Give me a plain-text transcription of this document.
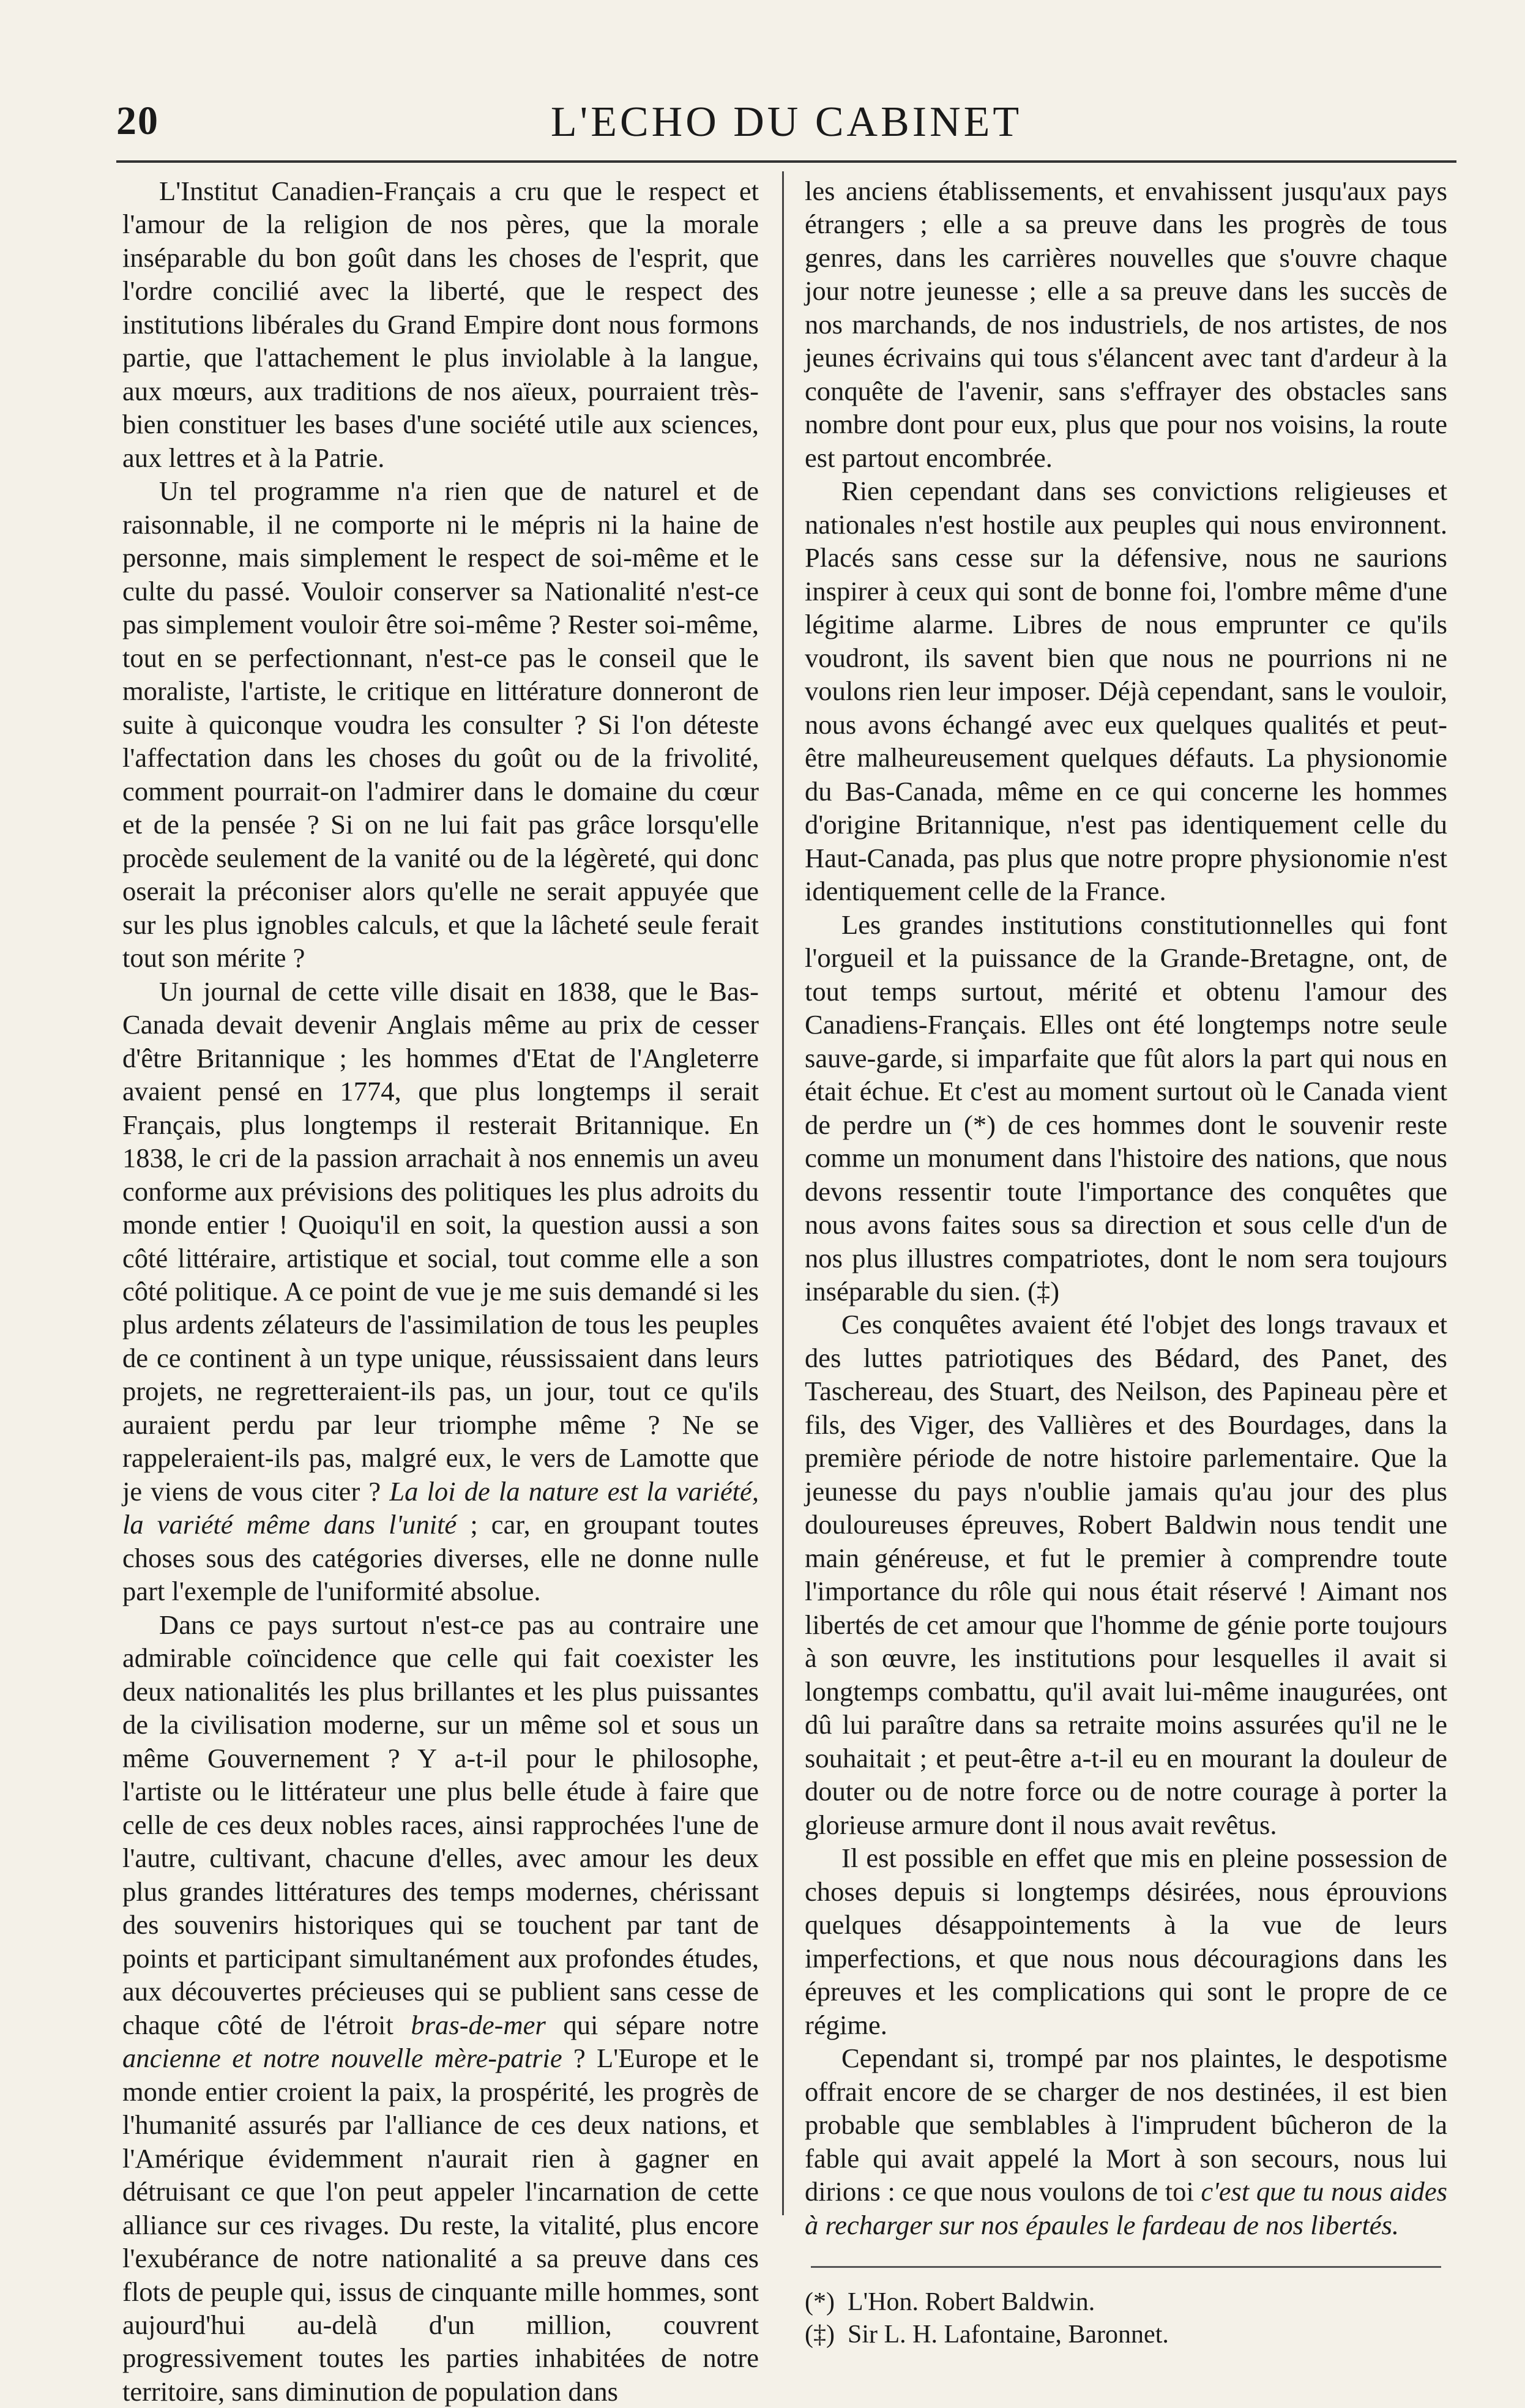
20	L'ECHO DU CABINET

L'Institut Canadien-Français a cru que le respect et l'amour de la religion de nos pères, que la morale inséparable du bon goût dans les choses de l'esprit, que l'ordre concilié avec la liberté, que le respect des institutions libérales du Grand Empire dont nous formons partie, que l'attachement le plus inviolable à la langue, aux mœurs, aux traditions de nos aïeux, pourraient très-bien constituer les bases d'une société utile aux sciences, aux lettres et à la Patrie.

Un tel programme n'a rien que de naturel et de raisonnable, il ne comporte ni le mépris ni la haine de personne, mais simplement le respect de soi-même et le culte du passé. Vouloir conserver sa Nationalité n'est-ce pas simplement vouloir être soi-même ? Rester soi-même, tout en se perfectionnant, n'est-ce pas le conseil que le moraliste, l'artiste, le critique en littérature donneront de suite à quiconque voudra les consulter ? Si l'on déteste l'affectation dans les choses du goût ou de la frivolité, comment pourrait-on l'admirer dans le domaine du cœur et de la pensée ? Si on ne lui fait pas grâce lorsqu'elle procède seulement de la vanité ou de la légèreté, qui donc oserait la préconiser alors qu'elle ne serait appuyée que sur les plus ignobles calculs, et que la lâcheté seule ferait tout son mérite ?

Un journal de cette ville disait en 1838, que le Bas-Canada devait devenir Anglais même au prix de cesser d'être Britannique ; les hommes d'Etat de l'Angleterre avaient pensé en 1774, que plus longtemps il serait Français, plus longtemps il resterait Britannique. En 1838, le cri de la passion arrachait à nos ennemis un aveu conforme aux prévisions des politiques les plus adroits du monde entier ! Quoiqu'il en soit, la question aussi a son côté littéraire, artistique et social, tout comme elle a son côté politique. A ce point de vue je me suis demandé si les plus ardents zélateurs de l'assimilation de tous les peuples de ce continent à un type unique, réussissaient dans leurs projets, ne regretteraient-ils pas, un jour, tout ce qu'ils auraient perdu par leur triomphe même ? Ne se rappeleraient-ils pas, malgré eux, le vers de Lamotte que je viens de vous citer ? La loi de la nature est la variété, la variété même dans l'unité ; car, en groupant toutes choses sous des catégories diverses, elle ne donne nulle part l'exemple de l'uniformité absolue.

Dans ce pays surtout n'est-ce pas au contraire une admirable coïncidence que celle qui fait coexister les deux nationalités les plus brillantes et les plus puissantes de la civilisation moderne, sur un même sol et sous un même Gouvernement ? Y a-t-il pour le philosophe, l'artiste ou le littérateur une plus belle étude à faire que celle de ces deux nobles races, ainsi rapprochées l'une de l'autre, cultivant, chacune d'elles, avec amour les deux plus grandes littératures des temps modernes, chérissant des souvenirs historiques qui se touchent par tant de points et participant simultanément aux profondes études, aux découvertes précieuses qui se publient sans cesse de chaque côté de l'étroit bras-de-mer qui sépare notre ancienne et notre nouvelle mère-patrie ? L'Europe et le monde entier croient la paix, la prospérité, les progrès de l'humanité assurés par l'alliance de ces deux nations, et l'Amérique évidemment n'aurait rien à gagner en détruisant ce que l'on peut appeler l'incarnation de cette alliance sur ces rivages. Du reste, la vitalité, plus encore l'exubérance de notre nationalité a sa preuve dans ces flots de peuple qui, issus de cinquante mille hommes, sont aujourd'hui au-delà d'un million, couvrent progressivement toutes les parties inhabitées de notre territoire, sans diminution de population dans

les anciens établissements, et envahissent jusqu'aux pays étrangers ; elle a sa preuve dans les progrès de tous genres, dans les carrières nouvelles que s'ouvre chaque jour notre jeunesse ; elle a sa preuve dans les succès de nos marchands, de nos industriels, de nos artistes, de nos jeunes écrivains qui tous s'élancent avec tant d'ardeur à la conquête de l'avenir, sans s'effrayer des obstacles sans nombre dont pour eux, plus que pour nos voisins, la route est partout encombrée.

Rien cependant dans ses convictions religieuses et nationales n'est hostile aux peuples qui nous environnent. Placés sans cesse sur la défensive, nous ne saurions inspirer à ceux qui sont de bonne foi, l'ombre même d'une légitime alarme. Libres de nous emprunter ce qu'ils voudront, ils savent bien que nous ne pourrions ni ne voulons rien leur imposer. Déjà cependant, sans le vouloir, nous avons échangé avec eux quelques qualités et peut-être malheureusement quelques défauts. La physionomie du Bas-Canada, même en ce qui concerne les hommes d'origine Britannique, n'est pas identiquement celle du Haut-Canada, pas plus que notre propre physionomie n'est identiquement celle de la France.

Les grandes institutions constitutionnelles qui font l'orgueil et la puissance de la Grande-Bretagne, ont, de tout temps surtout, mérité et obtenu l'amour des Canadiens-Français. Elles ont été longtemps notre seule sauve-garde, si imparfaite que fût alors la part qui nous en était échue. Et c'est au moment surtout où le Canada vient de perdre un (*) de ces hommes dont le souvenir reste comme un monument dans l'histoire des nations, que nous devons ressentir toute l'importance des conquêtes que nous avons faites sous sa direction et sous celle d'un de nos plus illustres compatriotes, dont le nom sera toujours inséparable du sien. (‡)

Ces conquêtes avaient été l'objet des longs travaux et des luttes patriotiques des Bédard, des Panet, des Taschereau, des Stuart, des Neilson, des Papineau père et fils, des Viger, des Vallières et des Bourdages, dans la première période de notre histoire parlementaire. Que la jeunesse du pays n'oublie jamais qu'au jour des plus douloureuses épreuves, Robert Baldwin nous tendit une main généreuse, et fut le premier à comprendre toute l'importance du rôle qui nous était réservé ! Aimant nos libertés de cet amour que l'homme de génie porte toujours à son œuvre, les institutions pour lesquelles il avait si longtemps combattu, qu'il avait lui-même inaugurées, ont dû lui paraître dans sa retraite moins assurées qu'il ne le souhaitait ; et peut-être a-t-il eu en mourant la douleur de douter ou de notre force ou de notre courage à porter la glorieuse armure dont il nous avait revêtus.

Il est possible en effet que mis en pleine possession de choses depuis si longtemps désirées, nous éprouvions quelques désappointements à la vue de leurs imperfections, et que nous nous découragions dans les épreuves et les complications qui sont le propre de ce régime.

Cependant si, trompé par nos plaintes, le despotisme offrait encore de se charger de nos destinées, il est bien probable que semblables à l'imprudent bûcheron de la fable qui avait appelé la Mort à son secours, nous lui dirions : ce que nous voulons de toi c'est que tu nous aides à recharger sur nos épaules le fardeau de nos libertés.

(*) L'Hon. Robert Baldwin.

(‡) Sir L. H. Lafontaine, Baronnet.
